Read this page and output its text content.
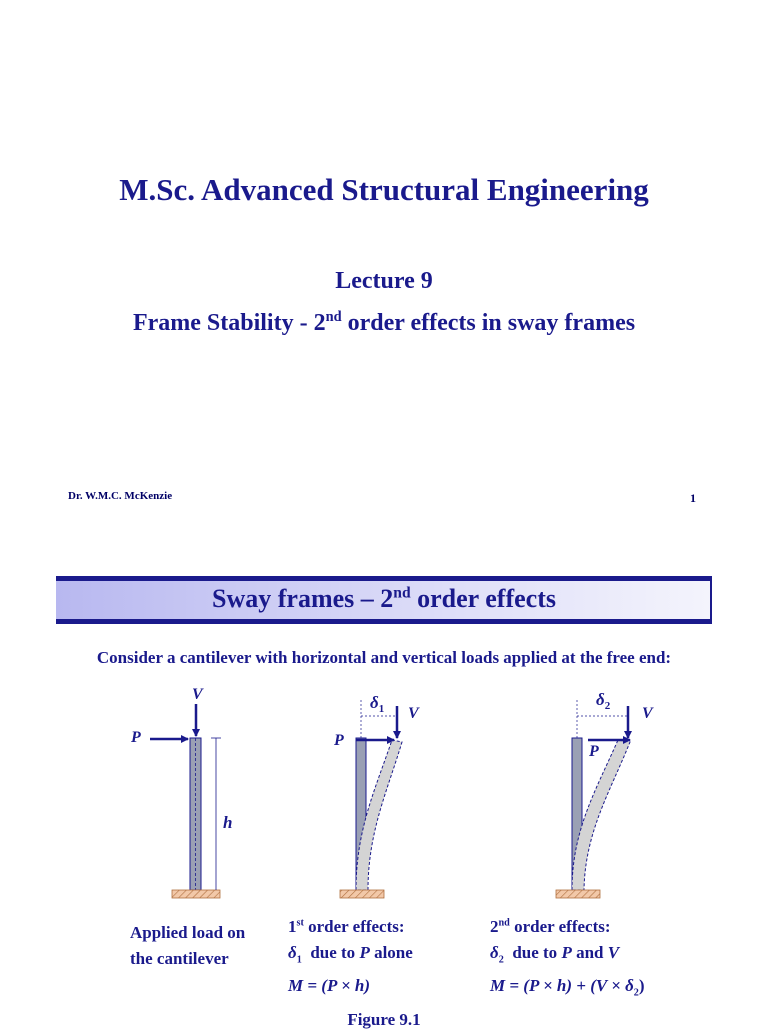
M.Sc. Advanced Structural Engineering
Lecture 9
Frame Stability - 2nd order effects in sway frames
Dr. W.M.C. McKenzie	1
Sway frames – 2nd order effects
Consider a cantilever with horizontal and vertical loads applied at the free end:
V
P
h
$\delta_1$ V
P
$\delta_2$ V
P
Applied load on
the cantilever
1st order effects:
$\delta_1$  due to P alone
M = (P × h)
2nd order effects:
$\delta_2$  due to P and V
$M = (P \times h) + (V \times \delta_2)$
Figure 9.1
